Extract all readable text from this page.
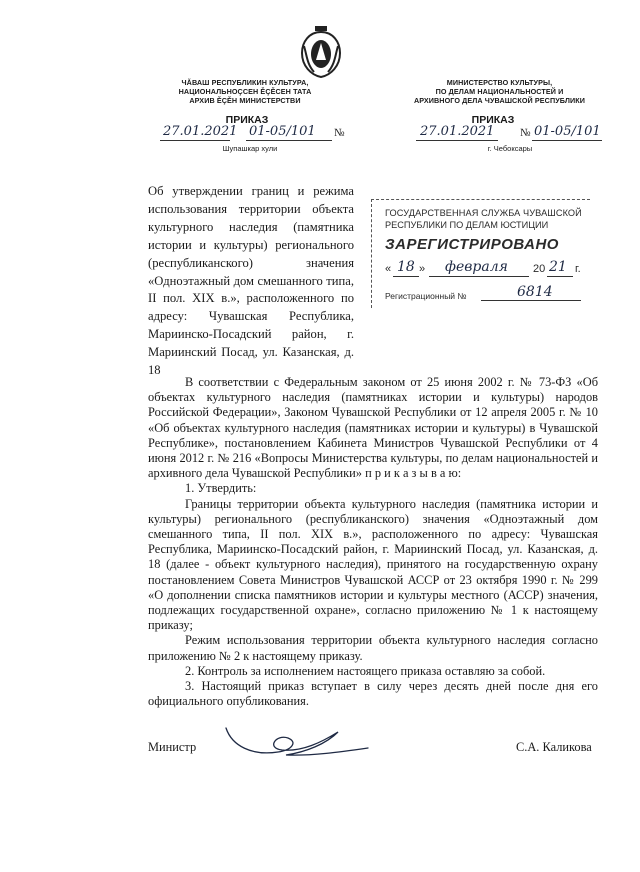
ЧĂВАШ РЕСПУБЛИКИН КУЛЬТУРА,
НАЦИОНАЛЬНОÇСЕН ĚÇĚСЕН ТАТА
АРХИВ ĚÇĚН МИНИСТЕРСТВИ
МИНИСТЕРСТВО КУЛЬТУРЫ,
ПО ДЕЛАМ НАЦИОНАЛЬНОСТЕЙ И
АРХИВНОГО ДЕЛА ЧУВАШСКОЙ РЕСПУБЛИКИ
ПРИКАЗ
27.01.2021 01-05/101 №
Шупашкар хули
ПРИКАЗ
27.01.2021 № 01-05/101
г. Чебоксары
Об утверждении границ и режима использования территории объекта культурного наследия (памятника истории и культуры) регионального (республиканского) значения «Одноэтажный дом смешанного типа, II пол. XIX в.», расположенного по адресу: Чувашская Республика, Мариинско-Посадский район, г. Мариинский Посад, ул. Казанская, д. 18
ГОСУДАРСТВЕННАЯ СЛУЖБА ЧУВАШСКОЙ
РЕСПУБЛИКИ ПО ДЕЛАМ ЮСТИЦИИ
ЗАРЕГИСТРИРОВАНО
« 18 » февраля 20 21 г.
Регистрационный №	6814

В соответствии с Федеральным законом от 25 июня 2002 г. № 73-ФЗ «Об объектах культурного наследия (памятниках истории и культуры) народов Российской Федерации», Законом Чувашской Республики от 12 апреля 2005 г. № 10 «Об объектах культурного наследия (памятниках истории и культуры) в Чувашской Республике», постановлением Кабинета Министров Чувашской Республики от 4 июня 2012 г. № 216 «Вопросы Министерства культуры, по делам национальностей и архивного дела Чувашской Республики» п р и к а з ы в а ю:

1. Утвердить:

Границы территории объекта культурного наследия (памятника истории и культуры) регионального (республиканского) значения «Одноэтажный дом смешанного типа, II пол. XIX в.», расположенного по адресу: Чувашская Республика, Мариинско-Посадский район, г. Мариинский Посад, ул. Казанская, д. 18 (далее - объект культурного наследия), принятого на государственную охрану постановлением Совета Министров Чувашской АССР от 23 октября 1990 г. № 299 «О дополнении списка памятников истории и культуры местного (АССР) значения, подлежащих государственной охране», согласно приложению № 1 к настоящему приказу;

Режим использования территории объекта культурного наследия согласно приложению № 2 к настоящему приказу.

2. Контроль за исполнением настоящего приказа оставляю за собой.

3. Настоящий приказ вступает в силу через десять дней после дня его официального опубликования.

Министр	С.А. Каликова
